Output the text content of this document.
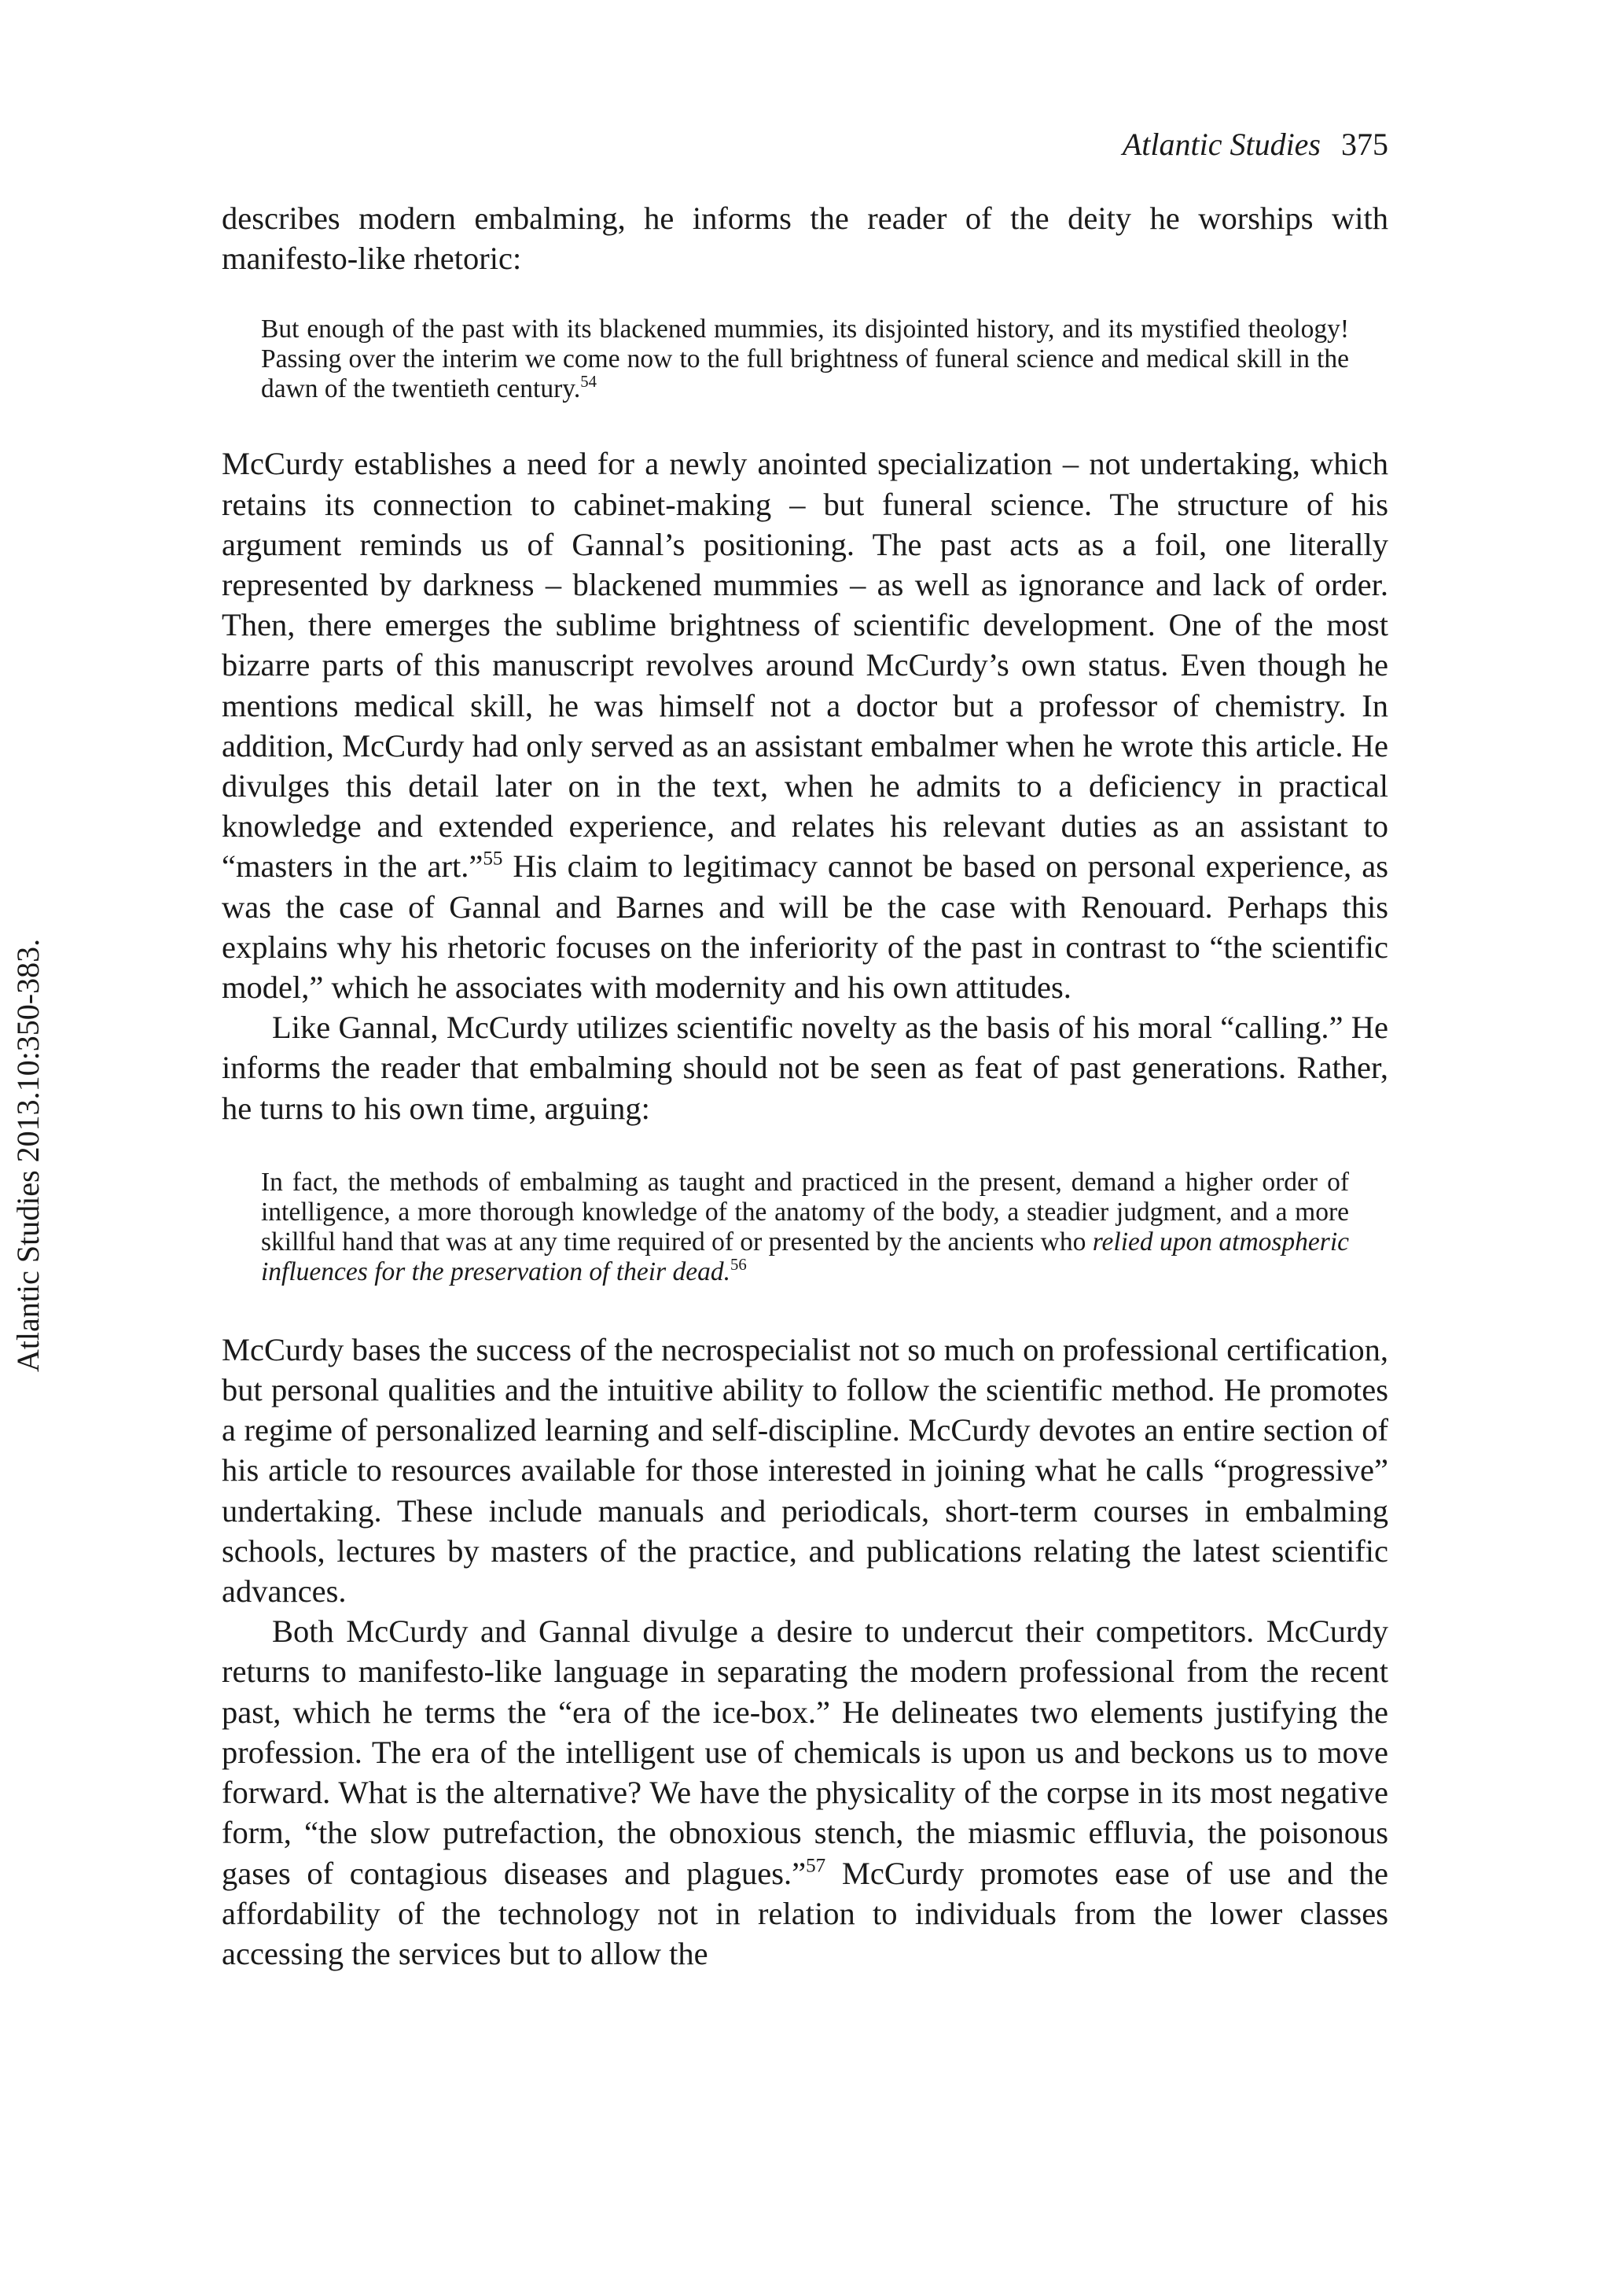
Atlantic Studies 375
Atlantic Studies 2013.10:350-383.

describes modern embalming, he informs the reader of the deity he worships with manifesto-like rhetoric:

But enough of the past with its blackened mummies, its disjointed history, and its mystified theology! Passing over the interim we come now to the full brightness of funeral science and medical skill in the dawn of the twentieth century.$^{54}$

McCurdy establishes a need for a newly anointed specialization – not undertaking, which retains its connection to cabinet-making – but funeral science. The structure of his argument reminds us of Gannal’s positioning. The past acts as a foil, one literally represented by darkness – blackened mummies – as well as ignorance and lack of order. Then, there emerges the sublime brightness of scientific development. One of the most bizarre parts of this manuscript revolves around McCurdy’s own status. Even though he mentions medical skill, he was himself not a doctor but a professor of chemistry. In addition, McCurdy had only served as an assistant embalmer when he wrote this article. He divulges this detail later on in the text, when he admits to a deficiency in practical knowledge and extended experience, and relates his relevant duties as an assistant to “masters in the art.”$^{55}$ His claim to legitimacy cannot be based on personal experience, as was the case of Gannal and Barnes and will be the case with Renouard. Perhaps this explains why his rhetoric focuses on the inferiority of the past in contrast to “the scientific model,” which he associates with modernity and his own attitudes.

Like Gannal, McCurdy utilizes scientific novelty as the basis of his moral “calling.” He informs the reader that embalming should not be seen as feat of past generations. Rather, he turns to his own time, arguing:

In fact, the methods of embalming as taught and practiced in the present, demand a higher order of intelligence, a more thorough knowledge of the anatomy of the body, a steadier judgment, and a more skillful hand that was at any time required of or presented by the ancients who relied upon atmospheric influences for the preservation of their dead.$^{56}$

McCurdy bases the success of the necrospecialist not so much on professional certification, but personal qualities and the intuitive ability to follow the scientific method. He promotes a regime of personalized learning and self-discipline. McCurdy devotes an entire section of his article to resources available for those interested in joining what he calls “progressive” undertaking. These include manuals and periodicals, short-term courses in embalming schools, lectures by masters of the practice, and publications relating the latest scientific advances.

Both McCurdy and Gannal divulge a desire to undercut their competitors. McCurdy returns to manifesto-like language in separating the modern professional from the recent past, which he terms the “era of the ice-box.” He delineates two elements justifying the profession. The era of the intelligent use of chemicals is upon us and beckons us to move forward. What is the alternative? We have the physicality of the corpse in its most negative form, “the slow putrefaction, the obnoxious stench, the miasmic effluvia, the poisonous gases of contagious diseases and plagues.”$^{57}$ McCurdy promotes ease of use and the affordability of the technology not in relation to individuals from the lower classes accessing the services but to allow the
